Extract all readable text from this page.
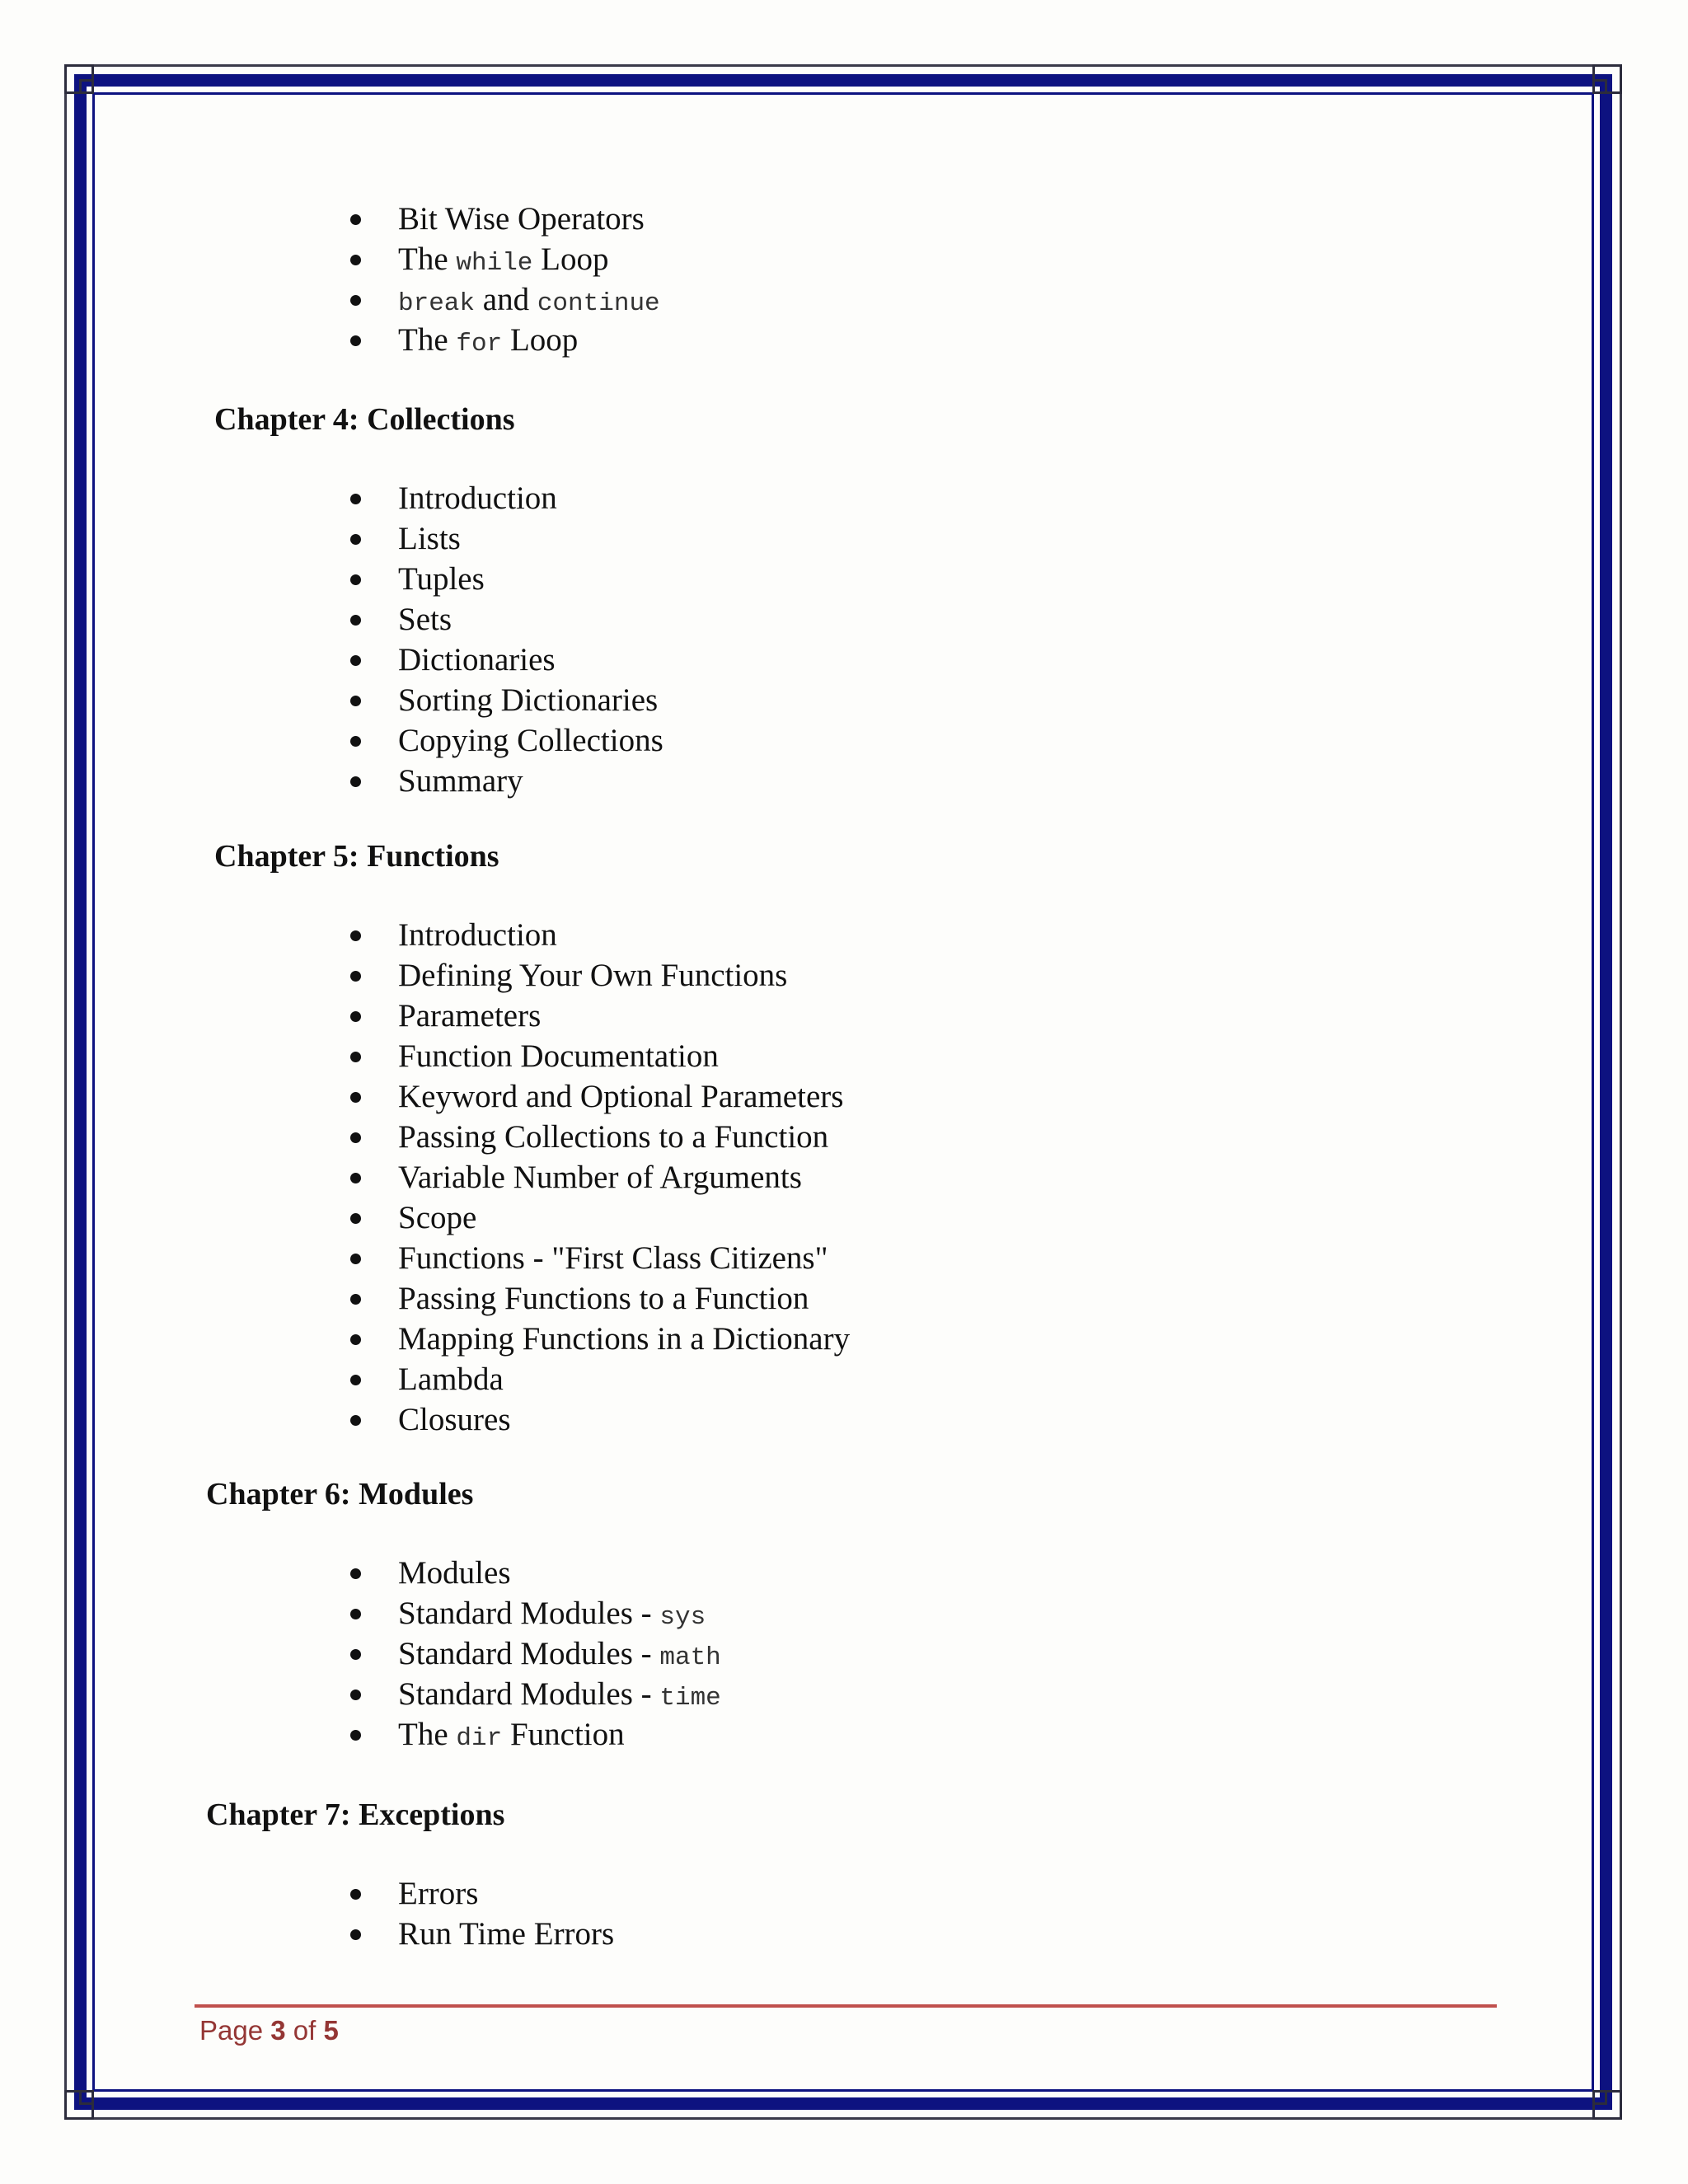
Bit Wise Operators
The while Loop
break and continue
The for Loop
Chapter 4: Collections
Introduction
Lists
Tuples
Sets
Dictionaries
Sorting Dictionaries
Copying Collections
Summary
Chapter 5: Functions
Introduction
Defining Your Own Functions
Parameters
Function Documentation
Keyword and Optional Parameters
Passing Collections to a Function
Variable Number of Arguments
Scope
Functions - "First Class Citizens"
Passing Functions to a Function
Mapping Functions in a Dictionary
Lambda
Closures
Chapter 6: Modules
Modules
Standard Modules - sys
Standard Modules - math
Standard Modules - time
The dir Function
Chapter 7: Exceptions
Errors
Run Time Errors
Page 3 of 5
